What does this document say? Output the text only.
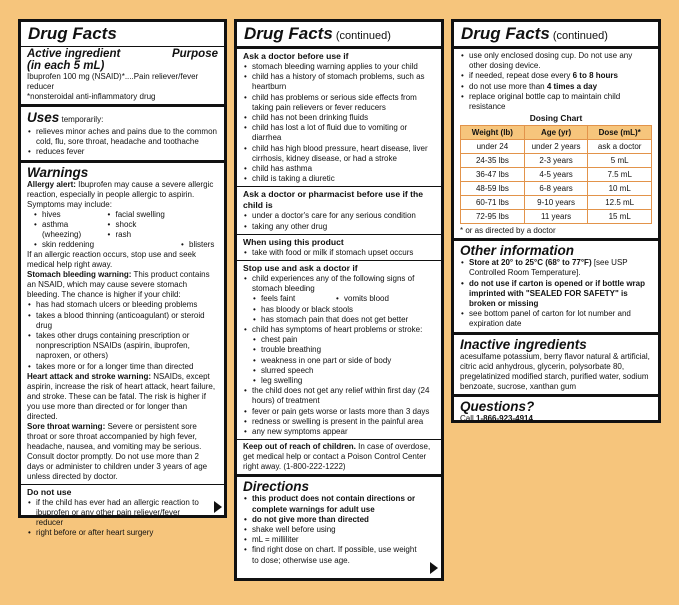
Drug Facts
Active ingredient	Purpose
(in each 5 mL)
Ibuprofen 100 mg (NSAID)*....Pain reliever/fever reducer
*nonsteroidal anti-inflammatory drug
Uses temporarily:
• relieves minor aches and pains due to the common cold, flu, sore throat, headache and toothache
• reduces fever
Warnings
Allergy alert: Ibuprofen may cause a severe allergic reaction, especially in people allergic to aspirin. Symptoms may include:
• hives
• asthma (wheezing)
• skin reddening
• facial swelling
• shock
• rash
• blisters
If an allergic reaction occurs, stop use and seek medical help right away.
Stomach bleeding warning: This product contains an NSAID, which may cause severe stomach bleeding. The chance is higher if your child:
• has had stomach ulcers or bleeding problems
• takes a blood thinning (anticoagulant) or steroid drug
• takes other drugs containing prescription or nonprescription NSAIDs (aspirin, ibuprofen, naproxen, or others)
• takes more or for a longer time than directed
Heart attack and stroke warning: NSAIDs, except aspirin, increase the risk of heart attack, heart failure, and stroke. These can be fatal. The risk is higher if you use more than directed or for longer than directed.
Sore throat warning: Severe or persistent sore throat or sore throat accompanied by high fever, headache, nausea, and vomiting may be serious. Consult doctor promptly. Do not use more than 2 days or administer to children under 3 years of age unless directed by doctor.
Do not use
• if the child has ever had an allergic reaction to ibuprofen or any other pain reliever/fever reducer
• right before or after heart surgery
Drug Facts (continued)
Ask a doctor before use if
• stomach bleeding warning applies to your child
• child has a history of stomach problems, such as heartburn
• child has problems or serious side effects from taking pain relievers or fever reducers
• child has not been drinking fluids
• child has lost a lot of fluid due to vomiting or diarrhea
• child has high blood pressure, heart disease, liver cirrhosis, kidney disease, or had a stroke
• child has asthma
• child is taking a diuretic
Ask a doctor or pharmacist before use if the    child is
• under a doctor's care for any serious condition
• taking any other drug
When using this product
• take with food or milk if stomach upset occurs
Stop use and ask a doctor if
• child experiences any of the following signs of stomach bleeding
• feels faint
• has bloody or black stools
• has stomach pain that does not get better
• vomits blood
• child has symptoms of heart problems or stroke:
• chest pain
• trouble breathing
• weakness in one part or side of body
• slurred speech
• leg swelling
• the child does not get any relief within first day (24 hours) of treatment
• fever or pain gets worse or lasts more than 3 days
• redness or swelling is present in the painful area
• any new symptoms appear
Keep out of reach of children. In case of overdose, get medical help or contact a Poison Control Center right away. (1-800-222-1222)
Directions
• this product does not contain directions or complete warnings for adult use
• do not give more than directed
• shake well before using
• mL = milliliter
• find right dose on chart. If possible, use weight to dose; otherwise use age.
Drug Facts (continued)
• use only enclosed dosing cup. Do not use any other dosing device.
• if needed, repeat dose every 6 to 8 hours
• do not use more than 4 times a day
• replace original bottle cap to maintain child resistance
Dosing Chart
Weight (lb)	Age (yr)	Dose (mL)*
under 24	under 2 years	ask a doctor
24-35 lbs	2-3 years	5 mL
36-47 lbs	4-5 years	7.5 mL
48-59 lbs	6-8 years	10 mL
60-71 lbs	9-10 years	12.5 mL
72-95 lbs	11 years	15 mL
* or as directed by a doctor
Other information
• Store at 20° to 25°C (68° to 77°F) [see USP Controlled Room Temperature].
• do not use if carton is opened or if bottle wrap imprinted with "SEALED FOR SAFETY" is broken or missing
• see bottom panel of carton for lot number and expiration date
Inactive ingredients
acesulfame potassium, berry flavor natural & artificial, citric acid anhydrous, glycerin, polysorbate 80, pregelatinized modified starch, purified water, sodium benzoate, sucrose, xanthan gum
Questions?
Call 1-866-923-4914
